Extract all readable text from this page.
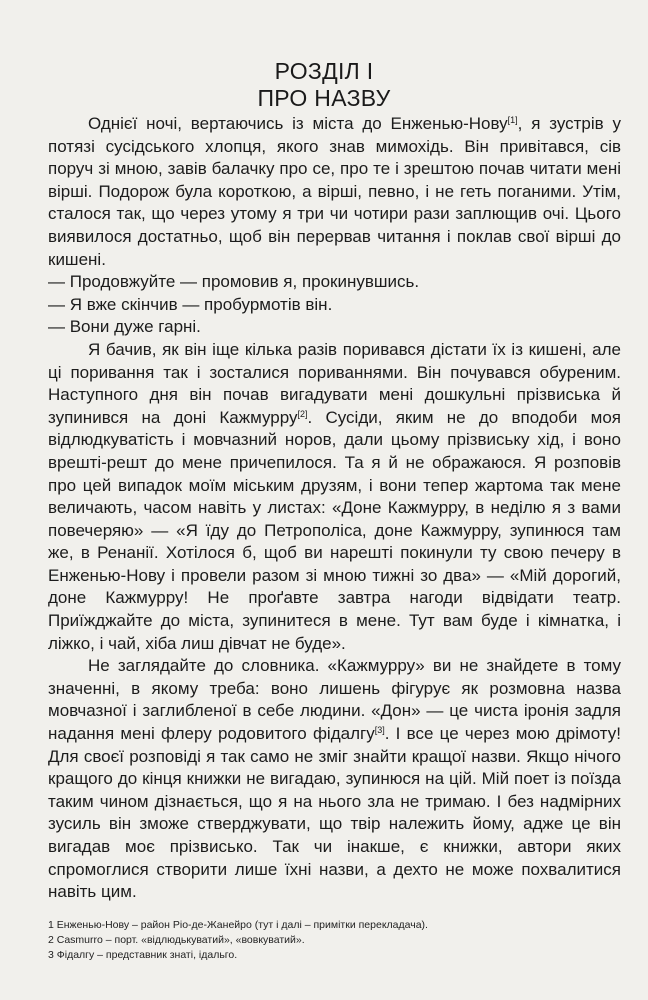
РОЗДІЛ І
ПРО НАЗВУ

Однієї ночі, вертаючись із міста до Енженью-Нову[1], я зустрів у потязі сусідського хлопця, якого знав мимохідь. Він привітався, сів поруч зі мною, завів балачку про се, про те і зрештою почав читати мені вірші. Подорож була короткою, а вірші, певно, і не геть поганими. Утім, сталося так, що через утому я три чи чотири рази заплющив очі. Цього виявилося достатньо, щоб він перервав читання і поклав свої вірші до кишені.

— Продовжуйте — промовив я, прокинувшись.

— Я вже скінчив — пробурмотів він.

— Вони дуже гарні.

Я бачив, як він іще кілька разів поривався дістати їх із кишені, але ці поривання так і зосталися пориваннями. Він почувався обуреним. Наступного дня він почав вигадувати мені дошкульні прізвиська й зупинився на доні Кажмурру[2]. Сусіди, яким не до вподоби моя відлюдкуватість і мовчазний норов, дали цьому прізвиську хід, і воно врешті-решт до мене причепилося. Та я й не ображаюся. Я розповів про цей випадок моїм міським друзям, і вони тепер жартома так мене величають, часом навіть у листах: «Доне Кажмурру, в неділю я з вами повечеряю» — «Я їду до Петрополіса, доне Кажмурру, зупинюся там же, в Ренанії. Хотілося б, щоб ви нарешті покинули ту свою печеру в Енженью-Нову і провели разом зі мною тижні зо два» — «Мій дорогий, доне Кажмурру! Не проґавте завтра нагоди відвідати театр. Приїжджайте до міста, зупинитеся в мене. Тут вам буде і кімнатка, і ліжко, і чай, хіба лиш дівчат не буде».

Не заглядайте до словника. «Кажмурру» ви не знайдете в тому значенні, в якому треба: воно лишень фігурує як розмовна назва мовчазної і заглибленої в себе людини. «Дон» — це чиста іронія задля надання мені флеру родовитого фідалгу[3]. І все це через мою дрімоту! Для своєї розповіді я так само не зміг знайти кращої назви. Якщо нічого кращого до кінця книжки не вигадаю, зупинюся на цій. Мій поет із поїзда таким чином дізнається, що я на нього зла не тримаю. І без надмірних зусиль він зможе стверджувати, що твір належить йому, адже це він вигадав моє прізвисько. Так чи інакше, є книжки, автори яких спромоглися створити лише їхні назви, а дехто не може похвалитися навіть цим.

1 Енженью-Нову – район Ріо-де-Жанейро (тут і далі – примітки перекладача).
2 Casmurro – порт. «відлюдькуватий», «вовкуватий».
3 Фідалгу – представник знаті, ідальго.
